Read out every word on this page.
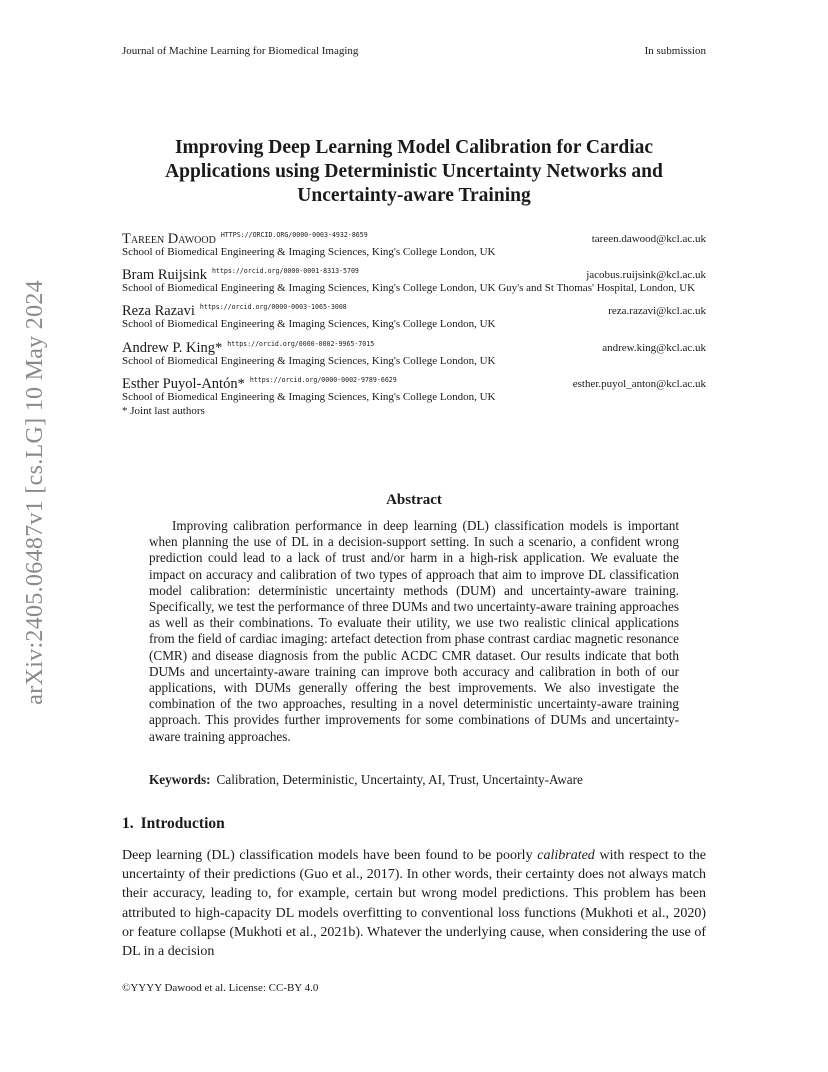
Journal of Machine Learning for Biomedical Imaging	In submission
arXiv:2405.06487v1 [cs.LG] 10 May 2024
Improving Deep Learning Model Calibration for Cardiac
Applications using Deterministic Uncertainty Networks and
Uncertainty-aware Training
Tareen Dawood $^{HTTPS://ORCID.ORG/0000-0003-4932-8659}$	tareen.dawood@kcl.ac.uk
School of Biomedical Engineering & Imaging Sciences, King's College London, UK
Bram Ruijsink $^{https://orcid.org/0000-0001-8313-5709}$	jacobus.ruijsink@kcl.ac.uk
School of Biomedical Engineering & Imaging Sciences, King's College London, UK Guy's and St Thomas' Hospital, London, UK
Reza Razavi $^{https://orcid.org/0000-0003-1065-3008}$	reza.razavi@kcl.ac.uk
School of Biomedical Engineering & Imaging Sciences, King's College London, UK
Andrew P. King* $^{https://orcid.org/0000-0002-9965-7015}$	andrew.king@kcl.ac.uk
School of Biomedical Engineering & Imaging Sciences, King's College London, UK
Esther Puyol-Antón* $^{https://orcid.org/0000-0002-9789-6629}$	esther.puyol_anton@kcl.ac.uk
School of Biomedical Engineering & Imaging Sciences, King's College London, UK
* Joint last authors
Abstract

Improving calibration performance in deep learning (DL) classification models is important when planning the use of DL in a decision-support setting. In such a scenario, a confident wrong prediction could lead to a lack of trust and/or harm in a high-risk application. We evaluate the impact on accuracy and calibration of two types of approach that aim to improve DL classification model calibration: deterministic uncertainty methods (DUM) and uncertainty-aware training. Specifically, we test the performance of three DUMs and two uncertainty-aware training approaches as well as their combinations. To evaluate their utility, we use two realistic clinical applications from the field of cardiac imaging: artefact detection from phase contrast cardiac magnetic resonance (CMR) and disease diagnosis from the public ACDC CMR dataset. Our results indicate that both DUMs and uncertainty-aware training can improve both accuracy and calibration in both of our applications, with DUMs generally offering the best improvements. We also investigate the combination of the two approaches, resulting in a novel deterministic uncertainty-aware training approach. This provides further improvements for some combinations of DUMs and uncertainty-aware training approaches.

Keywords: Calibration, Deterministic, Uncertainty, AI, Trust, Uncertainty-Aware
1. Introduction

Deep learning (DL) classification models have been found to be poorly calibrated with respect to the uncertainty of their predictions (Guo et al., 2017). In other words, their certainty does not always match their accuracy, leading to, for example, certain but wrong model predictions. This problem has been attributed to high-capacity DL models overfitting to conventional loss functions (Mukhoti et al., 2020) or feature collapse (Mukhoti et al., 2021b). Whatever the underlying cause, when considering the use of DL in a decision

©YYYY Dawood et al. License: CC-BY 4.0
